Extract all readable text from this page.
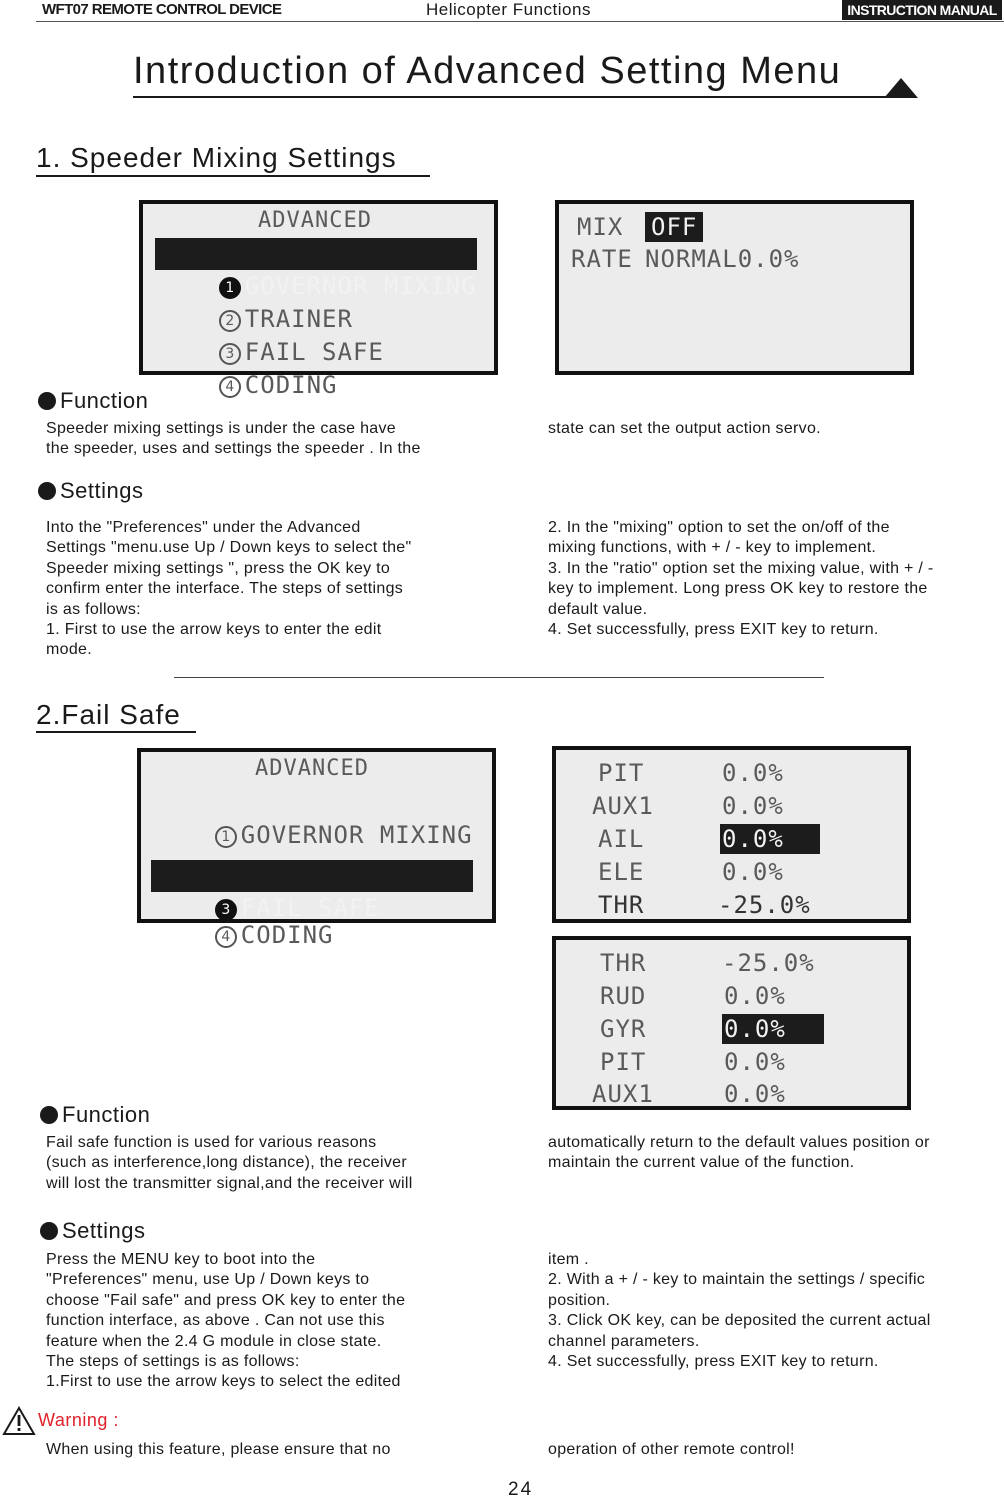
WFT07 REMOTE CONTROL DEVICE	Helicopter Functions	INSTRUCTION MANUAL
Introduction of Advanced Setting Menu
1. Speeder Mixing Settings
ADVANCED

1 GOVERNOR MIXING

2 TRAINER

3 FAIL SAFE

4 CODING

MIX OFF
RATE NORMAL0.0%
Function
Speeder mixing settings is under the case have
the speeder, uses and settings the speeder . In the
state can set the output action servo.
Settings
Into the "Preferences" under the Advanced
Settings "menu.use Up / Down keys to select the"
Speeder mixing settings ", press the OK key to
confirm enter the interface. The steps of settings
is as follows:
1. First to use the arrow keys to enter the edit
mode.
2. In the "mixing" option to set the on/off of the
mixing functions, with + / - key to implement.
3. In the "ratio" option set the mixing value, with + / -
key to implement. Long press OK key to restore the
default value.
4. Set successfully, press EXIT key to return.
2.Fail Safe
ADVANCED

1 GOVERNOR MIXING

3 FAIL SAFE

4 CODING

PIT	0.0%
AUX1	0.0%
AIL	0.0%
ELE	0.0%
THR	-25.0%
THR	-25.0%
RUD	0.0%
GYR	0.0%
PIT	0.0%
AUX1	0.0%
Function
Fail safe function is used for various reasons
(such as interference,long distance), the receiver
will lost the transmitter signal,and the receiver will
automatically return to the default values position or
maintain the current value of the function.
Settings
Press the MENU key to boot into the
"Preferences" menu, use Up / Down keys to
choose "Fail safe" and press OK key to enter the
function interface, as above . Can not use this
feature when the 2.4 G module in close state.
The steps of settings is as follows:
1.First to use the arrow keys to select the edited
item .
2. With a + / - key to maintain the settings / specific
position.
3. Click OK key, can be deposited the current actual
channel parameters.
4. Set successfully, press EXIT key to return.
Warning :
When using this feature, please ensure that no	operation of other remote control!
24
